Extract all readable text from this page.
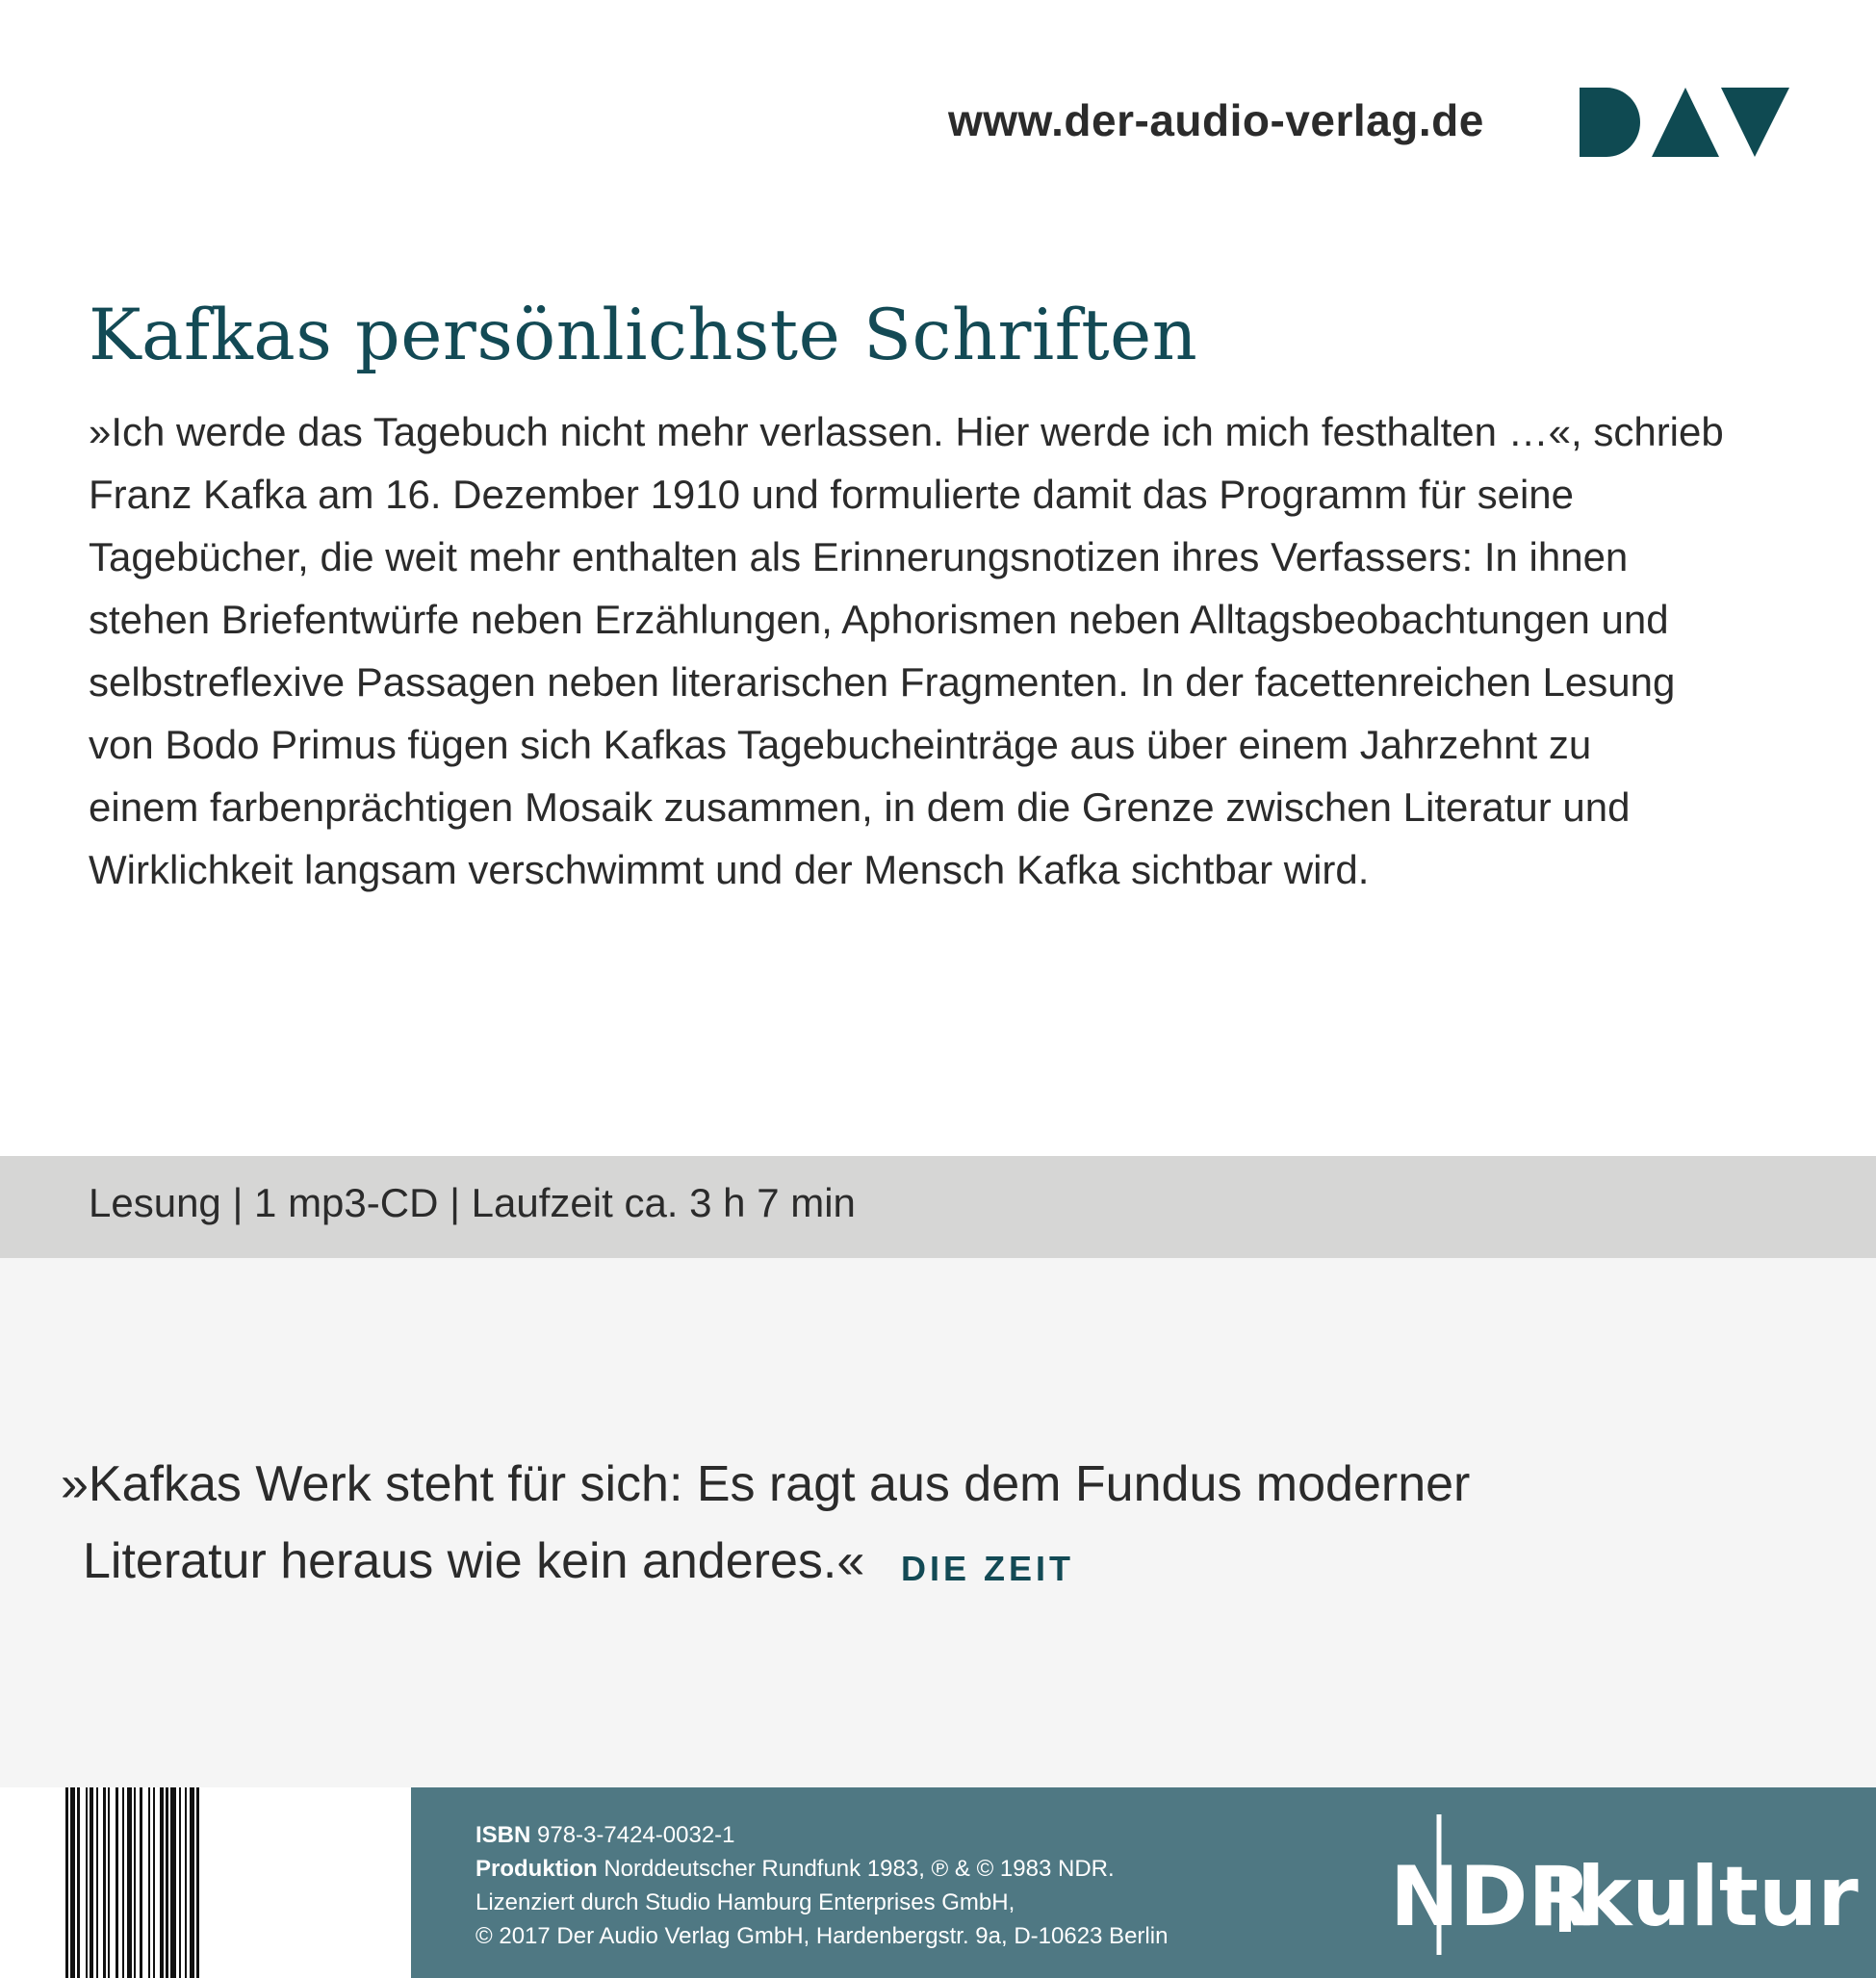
www.der-audio-verlag.de
Kafkas persönlichste Schriften
»Ich werde das Tagebuch nicht mehr verlassen. Hier werde ich mich festhalten …«, schrieb
Franz Kafka am 16. Dezember 1910 und formulierte damit das Programm für seine
Tagebücher, die weit mehr enthalten als Erinnerungsnotizen ihres Verfassers: In ihnen
stehen Briefentwürfe neben Erzählungen, Aphorismen neben Alltagsbeobachtungen und
selbstreflexive Passagen neben literarischen Fragmenten. In der facettenreichen Lesung
von Bodo Primus fügen sich Kafkas Tagebucheinträge aus über einem Jahrzehnt zu
einem farbenprächtigen Mosaik zusammen, in dem die Grenze zwischen Literatur und
Wirklichkeit langsam verschwimmt und der Mensch Kafka sichtbar wird.
Lesung | 1 mp3-CD | Laufzeit ca. 3 h 7 min
»Kafkas Werk steht für sich: Es ragt aus dem Fundus moderner
Literatur heraus wie kein anderes.« DIE ZEIT
ISBN 978-3-7424-0032-1
Produktion Norddeutscher Rundfunk 1983, ℗ & © 1983 NDR.
Lizenziert durch Studio Hamburg Enterprises GmbH,
© 2017 Der Audio Verlag GmbH, Hardenbergstr. 9a, D-10623 Berlin	NDR
kultur
